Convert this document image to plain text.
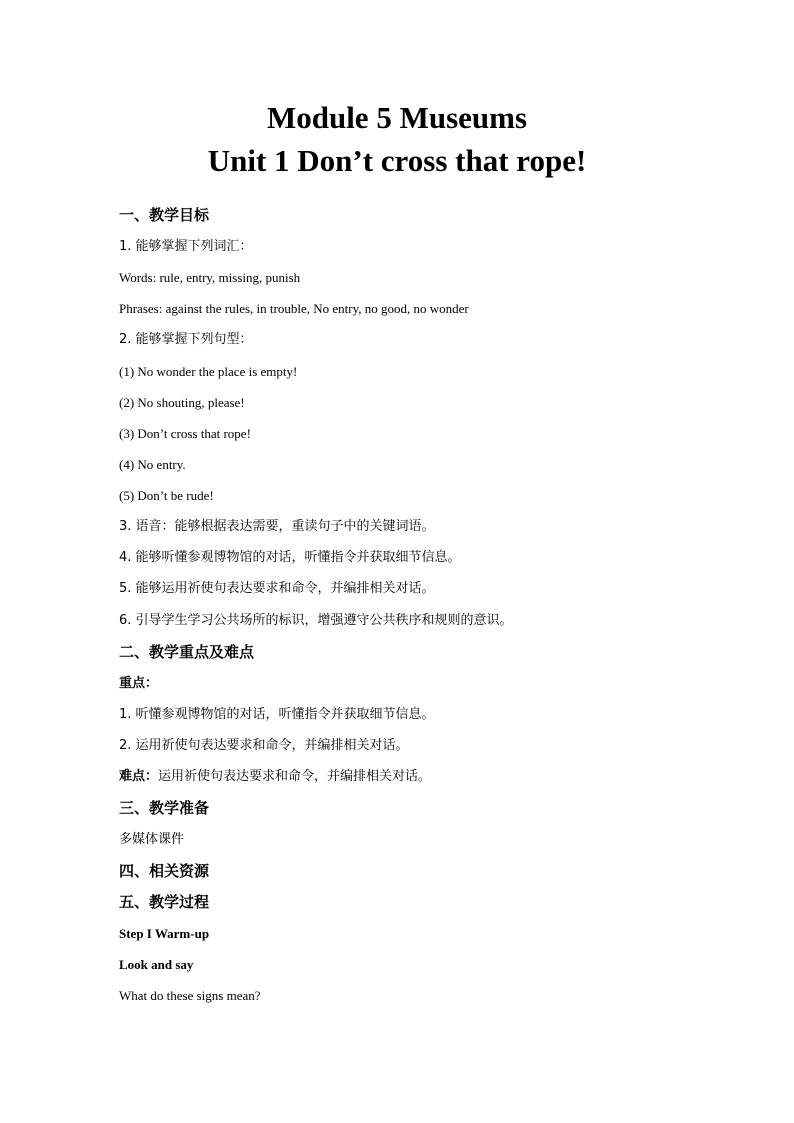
Module 5 Museums
Unit 1 Don’t cross that rope!
一、教学目标
1. 能够掌握下列词汇：
Words: rule, entry, missing, punish
Phrases: against the rules, in trouble, No entry, no good, no wonder
2. 能够掌握下列句型：
(1) No wonder the place is empty!
(2) No shouting, please!
(3) Don’t cross that rope!
(4) No entry.
(5) Don’t be rude!
3. 语音：能够根据表达需要，重读句子中的关键词语。
4. 能够听懂参观博物馆的对话，听懂指令并获取细节信息。
5. 能够运用祈使句表达要求和命令，并编排相关对话。
6. 引导学生学习公共场所的标识，增强遵守公共秩序和规则的意识。
二、教学重点及难点
重点：
1. 听懂参观博物馆的对话，听懂指令并获取细节信息。
2. 运用祈使句表达要求和命令，并编排相关对话。
难点：运用祈使句表达要求和命令，并编排相关对话。
三、教学准备
多媒体课件
四、相关资源
五、教学过程
Step I Warm-up
Look and say
What do these signs mean?
